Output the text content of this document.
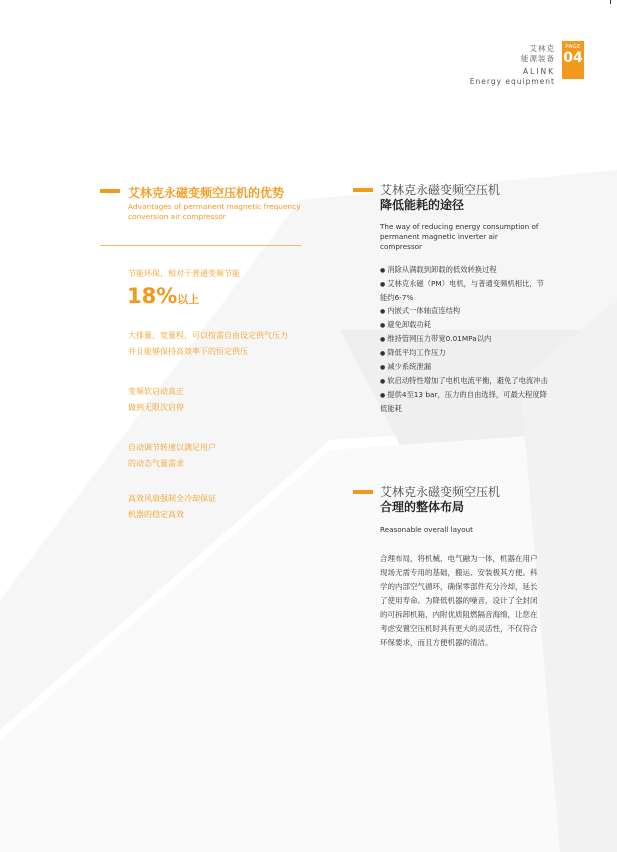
艾林克
能源装备
ALINK
Energy equipment
PAGE
04
艾林克永磁变频空压机的优势
Advantages of permanent magnetic frequency conversion air compressor
节能环保，相对于普通变频节能
18%以上
大排量、宽量程，可以按需自由设定供气压力
并且能够保持高效率下的恒定供压
变频软启动真正
做到无限次启停
自动调节转速以满足用户
的动态气量需求
高效风扇强制全冷却保证
机器的稳定高效
艾林克永磁变频空压机
降低能耗的途径
The way of reducing energy consumption of permanent magnetic inverter air compressor
● 消除从满载到卸载的低效转换过程
● 艾林克永磁（PM）电机，与普通变频机相比，节能约6-7%
● 内嵌式一体轴直连结构
● 避免卸载功耗
● 维持管网压力带宽0.01MPa以内
● 降低平均工作压力
● 减少系统泄漏
● 软启动特性增加了电机电流平衡，避免了电流冲击
● 提供4至13 bar，压力的自由选择，可最大程度降低能耗
艾林克永磁变频空压机
合理的整体布局
Reasonable overall layout
合理布局，将机械、电气融为一体，机器在用户现场无需专用的基础，搬运、安装极其方便。科学的内部空气循环，确保零部件充分冷却，延长了使用寿命。为降低机器的噪音，设计了全封闭的可拆卸机箱，内附优质阻燃隔音海绵，让您在考虑安置空压机时具有更大的灵活性，不仅符合环保要求，而且方便机器的清洁。
